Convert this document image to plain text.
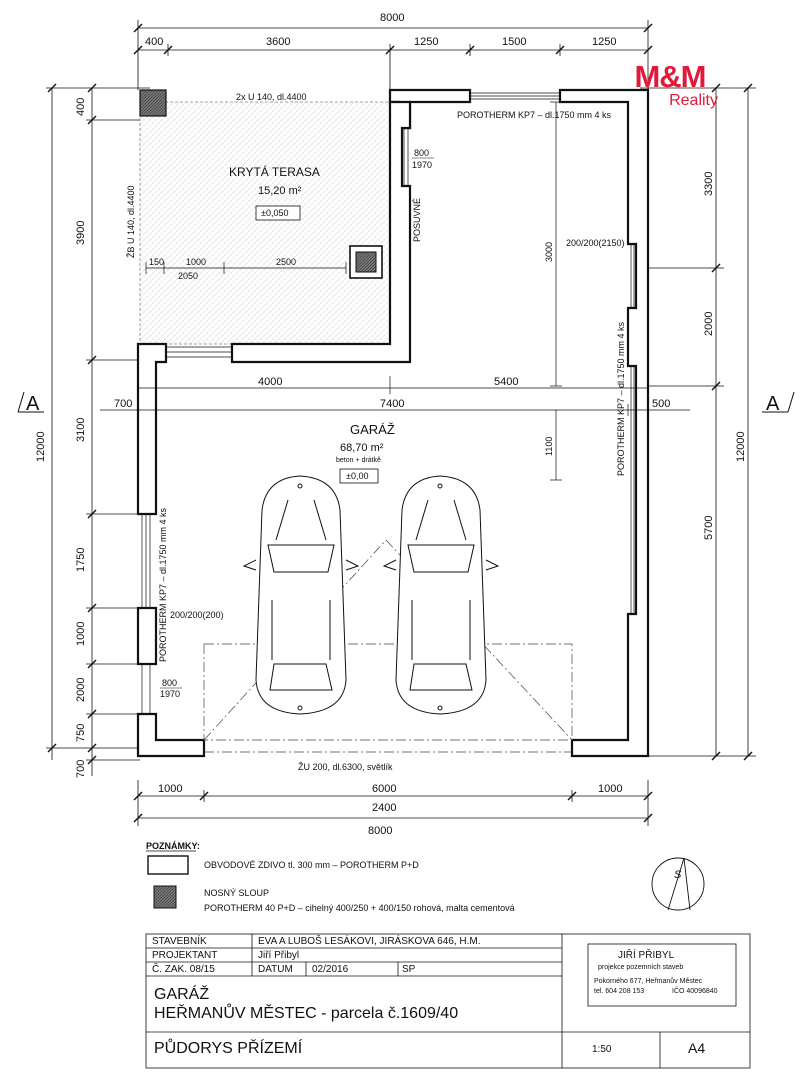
8000
400	3600	1250	1500	1250
12000
400
3900
3100
1750
1000
2000
750
700
3300
2000
5700
12000
A	A
150 1000	2500
2050
2x U 140, dl.4400
ŽB U 140, dl.4400
KRYTÁ TERASA
15,20 m²
±0,050
800
1970
POSUVNÉ
POROTHERM KP7 – dl.1750 mm 4 ks
200/200(2150)
POROTHERM KP7 – dl.1750 mm 4 ks
3000
1100
4000	5400
7400
700	500
GARÁŽ
68,70 m²
beton + drátkě
±0,00
POROTHERM KP7 – dl.1750 mm 4 ks 200/200(200)
800
1970
ŽU 200, dl.6300, světlík
1000	6000	1000
2400
8000
POZNÁMKY:
OBVODOVÉ ZDIVO tl. 300 mm – POROTHERM P+D
NOSNÝ SLOUP
POROTHERM 40 P+D – cihelný 400/250 + 400/150 rohová, malta cementová
S
M&M
Reality
STAVEBNÍK	EVA A LUBOŠ LESÁKOVI, JIRÁSKOVA 646, H.M.
PROJEKTANT	Jiří Přibyl
Č. ZAK. 08/15	DATUM 02/2016	SP
GARÁŽ
HEŘMANŮV MĚSTEC - parcela č.1609/40
PŮDORYS PŘÍZEMÍ	1:50	A4
JIŘÍ PŘIBYL
projekce pozemních staveb
Pokorného 677, Heřmanův Městec
tel. 604 208 153	IČO 40096840
